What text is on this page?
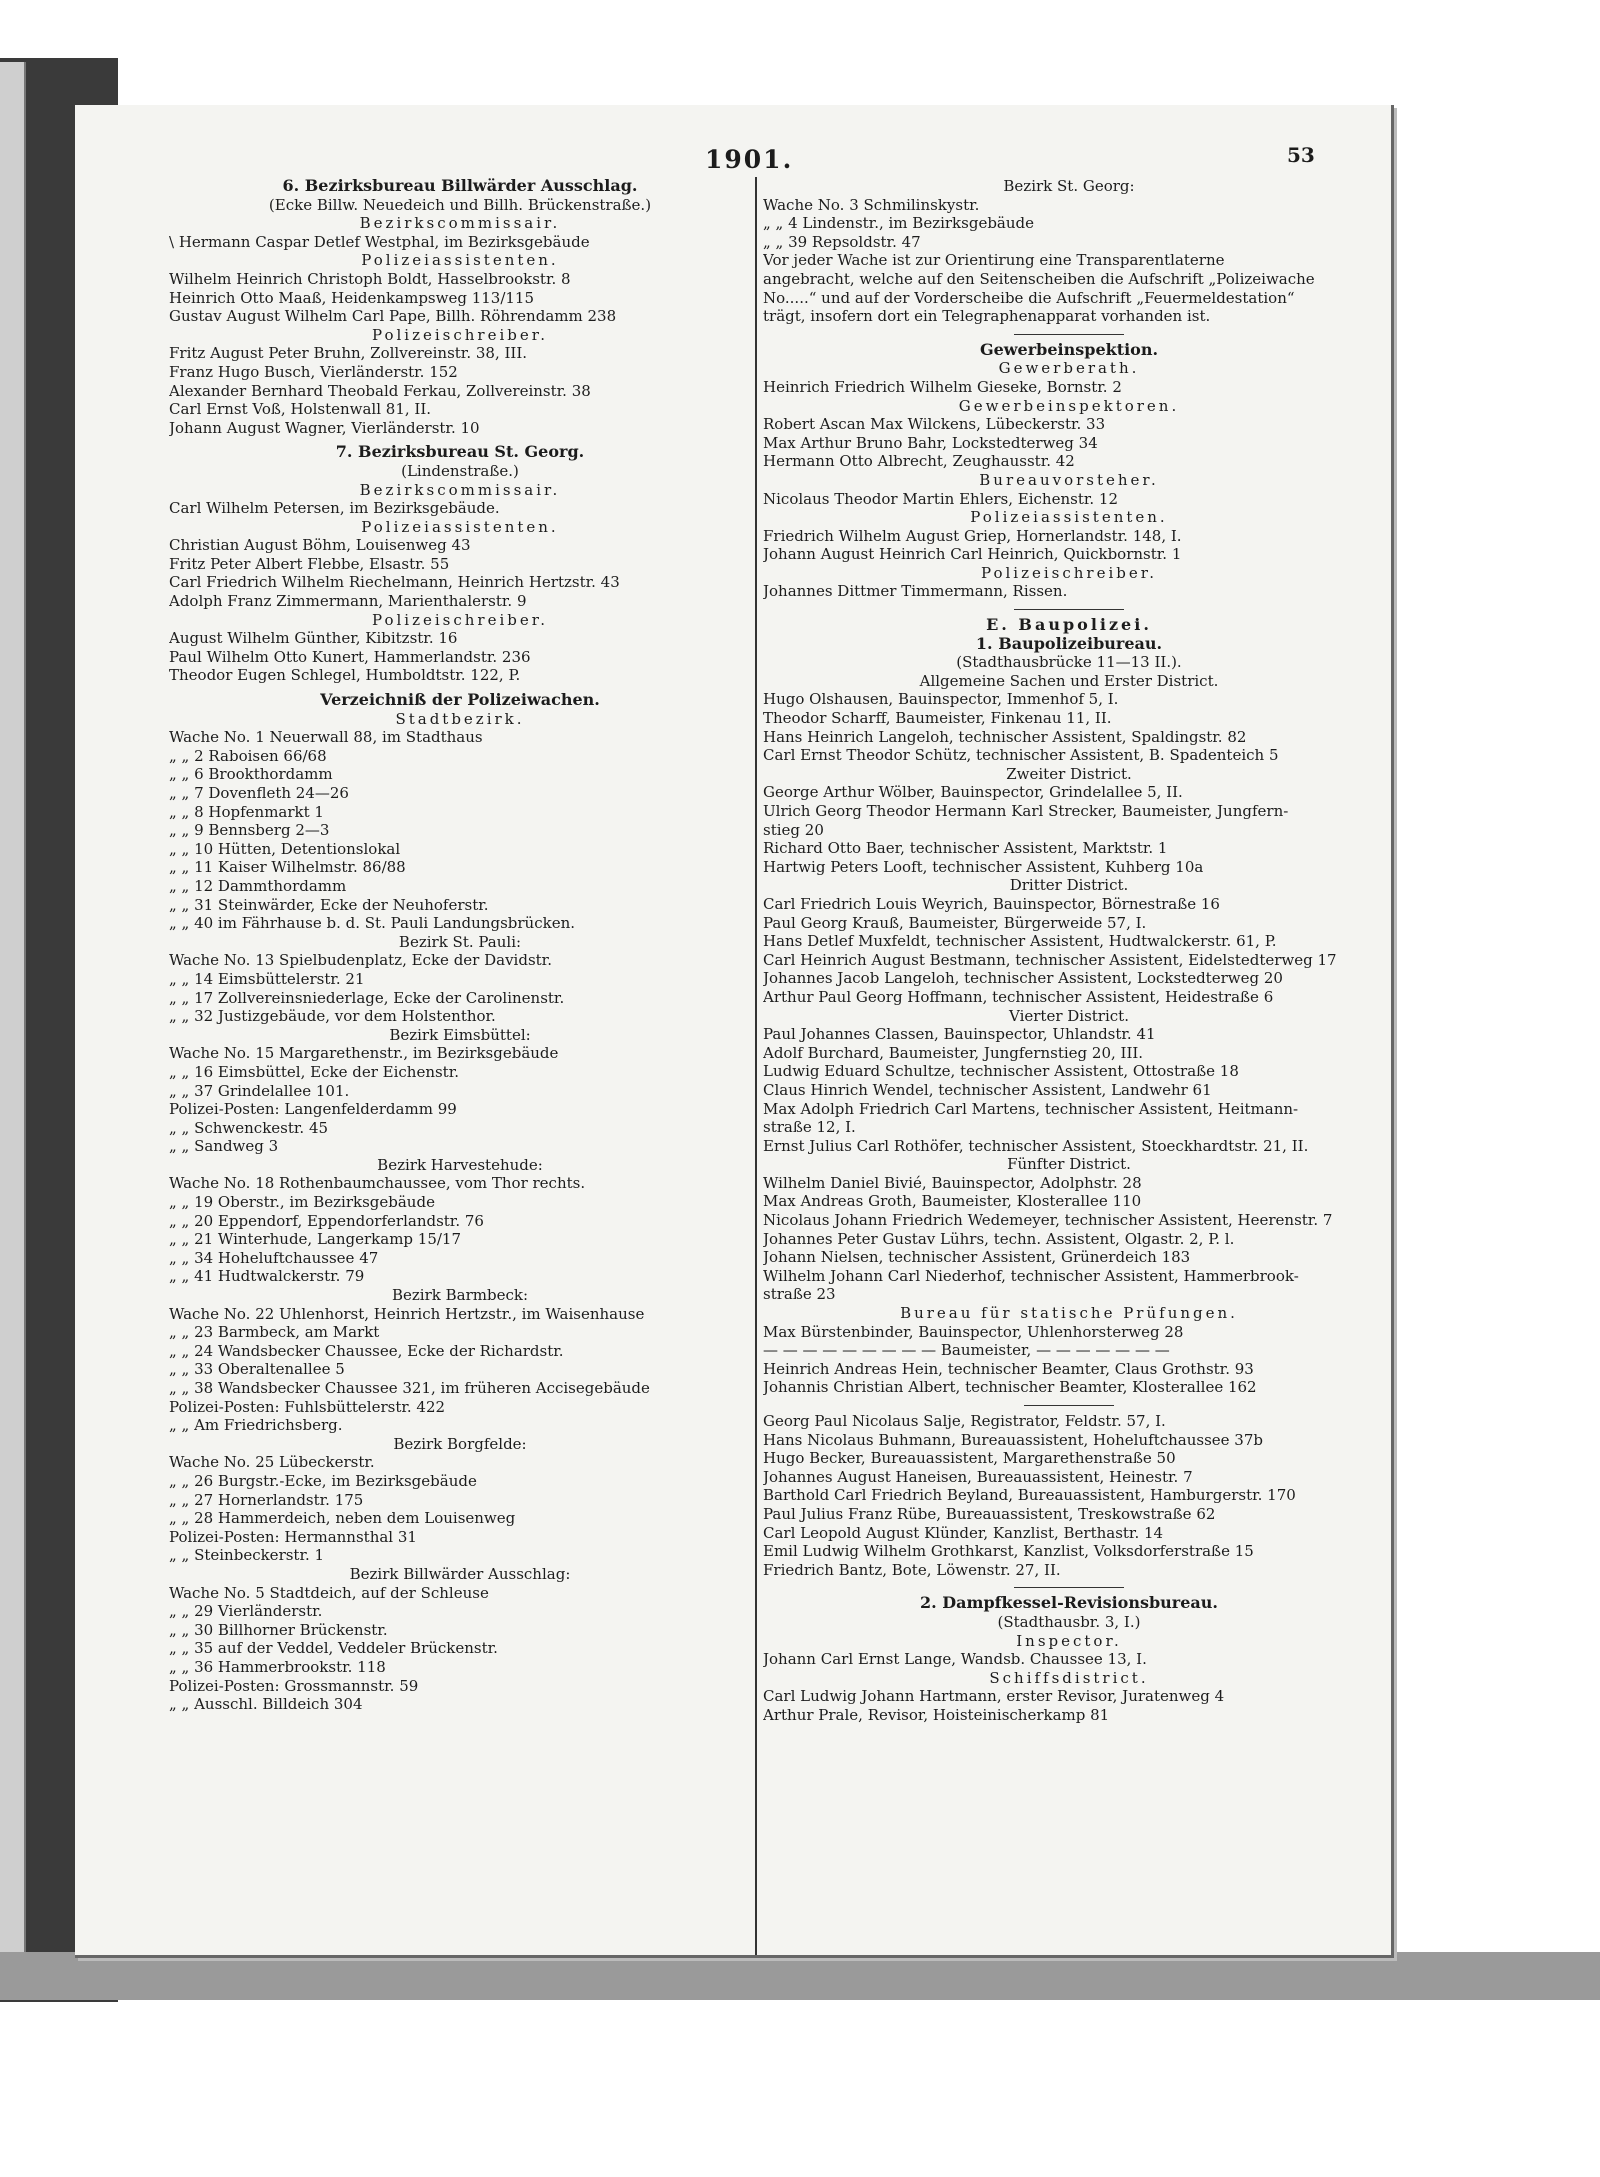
1901.	53
6. Bezirksbureau Billwärder Ausschlag.
(Ecke Billw. Neuedeich und Billh. Brückenstraße.)
Bezirkscommissair.
\ Hermann Caspar Detlef Westphal, im Bezirksgebäude
Polizeiassistenten.
Wilhelm Heinrich Christoph Boldt, Hasselbrookstr. 8
Heinrich Otto Maaß, Heidenkampsweg 113/115
Gustav August Wilhelm Carl Pape, Billh. Röhrendamm 238
Polizeischreiber.
Fritz August Peter Bruhn, Zollvereinstr. 38, III.
Franz Hugo Busch, Vierländerstr. 152
Alexander Bernhard Theobald Ferkau, Zollvereinstr. 38
Carl Ernst Voß, Holstenwall 81, II.
Johann August Wagner, Vierländerstr. 10

7. Bezirksbureau St. Georg.
(Lindenstraße.)
Bezirkscommissair.
Carl Wilhelm Petersen, im Bezirksgebäude.
Polizeiassistenten.
Christian August Böhm, Louisenweg 43
Fritz Peter Albert Flebbe, Elsastr. 55
Carl Friedrich Wilhelm Riechelmann, Heinrich Hertzstr. 43
Adolph Franz Zimmermann, Marienthalerstr. 9
Polizeischreiber.
August Wilhelm Günther, Kibitzstr. 16
Paul Wilhelm Otto Kunert, Hammerlandstr. 236
Theodor Eugen Schlegel, Humboldtstr. 122, P.

Verzeichniß der Polizeiwachen.
Stadtbezirk.
Wache No. 1 Neuerwall 88, im Stadthaus
„ „ 2 Raboisen 66/68
„ „ 6 Brookthordamm
„ „ 7 Dovenfleth 24—26
„ „ 8 Hopfenmarkt 1
„ „ 9 Bennsberg 2—3
„ „ 10 Hütten, Detentionslokal
„ „ 11 Kaiser Wilhelmstr. 86/88
„ „ 12 Dammthordamm
„ „ 31 Steinwärder, Ecke der Neuhoferstr.
„ „ 40 im Fährhause b. d. St. Pauli Landungsbrücken.
Bezirk St. Pauli:
Wache No. 13 Spielbudenplatz, Ecke der Davidstr.
„ „ 14 Eimsbüttelerstr. 21
„ „ 17 Zollvereinsniederlage, Ecke der Carolinenstr.
„ „ 32 Justizgebäude, vor dem Holstenthor.
Bezirk Eimsbüttel:
Wache No. 15 Margarethenstr., im Bezirksgebäude
„ „ 16 Eimsbüttel, Ecke der Eichenstr.
„ „ 37 Grindelallee 101.
Polizei-Posten: Langenfelderdamm 99
„ „ Schwenckestr. 45
„ „ Sandweg 3
Bezirk Harvestehude:
Wache No. 18 Rothenbaumchaussee, vom Thor rechts.
„ „ 19 Oberstr., im Bezirksgebäude
„ „ 20 Eppendorf, Eppendorferlandstr. 76
„ „ 21 Winterhude, Langerkamp 15/17
„ „ 34 Hoheluftchaussee 47
„ „ 41 Hudtwalckerstr. 79
Bezirk Barmbeck:
Wache No. 22 Uhlenhorst, Heinrich Hertzstr., im Waisenhause
„ „ 23 Barmbeck, am Markt
„ „ 24 Wandsbecker Chaussee, Ecke der Richardstr.
„ „ 33 Oberaltenallee 5
„ „ 38 Wandsbecker Chaussee 321, im früheren Accisegebäude
Polizei-Posten: Fuhlsbüttelerstr. 422
„ „ Am Friedrichsberg.
Bezirk Borgfelde:
Wache No. 25 Lübeckerstr.
„ „ 26 Burgstr.-Ecke, im Bezirksgebäude
„ „ 27 Hornerlandstr. 175
„ „ 28 Hammerdeich, neben dem Louisenweg
Polizei-Posten: Hermannsthal 31
„ „ Steinbeckerstr. 1
Bezirk Billwärder Ausschlag:
Wache No. 5 Stadtdeich, auf der Schleuse
„ „ 29 Vierländerstr.
„ „ 30 Billhorner Brückenstr.
„ „ 35 auf der Veddel, Veddeler Brückenstr.
„ „ 36 Hammerbrookstr. 118
Polizei-Posten: Grossmannstr. 59
„ „ Ausschl. Billdeich 304
Bezirk St. Georg:
Wache No. 3 Schmilinskystr.
„ „ 4 Lindenstr., im Bezirksgebäude
„ „ 39 Repsoldstr. 47
Vor jeder Wache ist zur Orientirung eine Transparentlaterne
angebracht, welche auf den Seitenscheiben die Aufschrift „Polizeiwache
No.....“ und auf der Vorderscheibe die Aufschrift „Feuermeldestation“
trägt, insofern dort ein Telegraphenapparat vorhanden ist.
Gewerbeinspektion.
Gewerberath.
Heinrich Friedrich Wilhelm Gieseke, Bornstr. 2
Gewerbeinspektoren.
Robert Ascan Max Wilckens, Lübeckerstr. 33
Max Arthur Bruno Bahr, Lockstedterweg 34
Hermann Otto Albrecht, Zeughausstr. 42
Bureauvorsteher.
Nicolaus Theodor Martin Ehlers, Eichenstr. 12
Polizeiassistenten.
Friedrich Wilhelm August Griep, Hornerlandstr. 148, I.
Johann August Heinrich Carl Heinrich, Quickbornstr. 1
Polizeischreiber.
Johannes Dittmer Timmermann, Rissen.
E. Baupolizei.
1. Baupolizeibureau.
(Stadthausbrücke 11—13 II.).
Allgemeine Sachen und Erster District.
Hugo Olshausen, Bauinspector, Immenhof 5, I.
Theodor Scharff, Baumeister, Finkenau 11, II.
Hans Heinrich Langeloh, technischer Assistent, Spaldingstr. 82
Carl Ernst Theodor Schütz, technischer Assistent, B. Spadenteich 5
Zweiter District.
George Arthur Wölber, Bauinspector, Grindelallee 5, II.
Ulrich Georg Theodor Hermann Karl Strecker, Baumeister, Jungfern-
stieg 20
Richard Otto Baer, technischer Assistent, Marktstr. 1
Hartwig Peters Looft, technischer Assistent, Kuhberg 10a
Dritter District.
Carl Friedrich Louis Weyrich, Bauinspector, Börnestraße 16
Paul Georg Krauß, Baumeister, Bürgerweide 57, I.
Hans Detlef Muxfeldt, technischer Assistent, Hudtwalckerstr. 61, P.
Carl Heinrich August Bestmann, technischer Assistent, Eidelstedterweg 17
Johannes Jacob Langeloh, technischer Assistent, Lockstedterweg 20
Arthur Paul Georg Hoffmann, technischer Assistent, Heidestraße 6
Vierter District.
Paul Johannes Classen, Bauinspector, Uhlandstr. 41
Adolf Burchard, Baumeister, Jungfernstieg 20, III.
Ludwig Eduard Schultze, technischer Assistent, Ottostraße 18
Claus Hinrich Wendel, technischer Assistent, Landwehr 61
Max Adolph Friedrich Carl Martens, technischer Assistent, Heitmann-
straße 12, I.
Ernst Julius Carl Rothöfer, technischer Assistent, Stoeckhardtstr. 21, II.
Fünfter District.
Wilhelm Daniel Bivié, Bauinspector, Adolphstr. 28
Max Andreas Groth, Baumeister, Klosterallee 110
Nicolaus Johann Friedrich Wedemeyer, technischer Assistent, Heerenstr. 7
Johannes Peter Gustav Lührs, techn. Assistent, Olgastr. 2, P. l.
Johann Nielsen, technischer Assistent, Grünerdeich 183
Wilhelm Johann Carl Niederhof, technischer Assistent, Hammerbrook-
straße 23
Bureau für statische Prüfungen.
Max Bürstenbinder, Bauinspector, Uhlenhorsterweg 28
— — — — — — — — — Baumeister, — — — — — — —
Heinrich Andreas Hein, technischer Beamter, Claus Grothstr. 93
Johannis Christian Albert, technischer Beamter, Klosterallee 162
Georg Paul Nicolaus Salje, Registrator, Feldstr. 57, I.
Hans Nicolaus Buhmann, Bureauassistent, Hoheluftchaussee 37b
Hugo Becker, Bureauassistent, Margarethenstraße 50
Johannes August Haneisen, Bureauassistent, Heinestr. 7
Barthold Carl Friedrich Beyland, Bureauassistent, Hamburgerstr. 170
Paul Julius Franz Rübe, Bureauassistent, Treskowstraße 62
Carl Leopold August Klünder, Kanzlist, Berthastr. 14
Emil Ludwig Wilhelm Grothkarst, Kanzlist, Volksdorferstraße 15
Friedrich Bantz, Bote, Löwenstr. 27, II.
2. Dampfkessel-Revisionsbureau.
(Stadthausbr. 3, I.)
Inspector.
Johann Carl Ernst Lange, Wandsb. Chaussee 13, I.
Schiffsdistrict.
Carl Ludwig Johann Hartmann, erster Revisor, Juratenweg 4
Arthur Prale, Revisor, Hoisteinischerkamp 81
